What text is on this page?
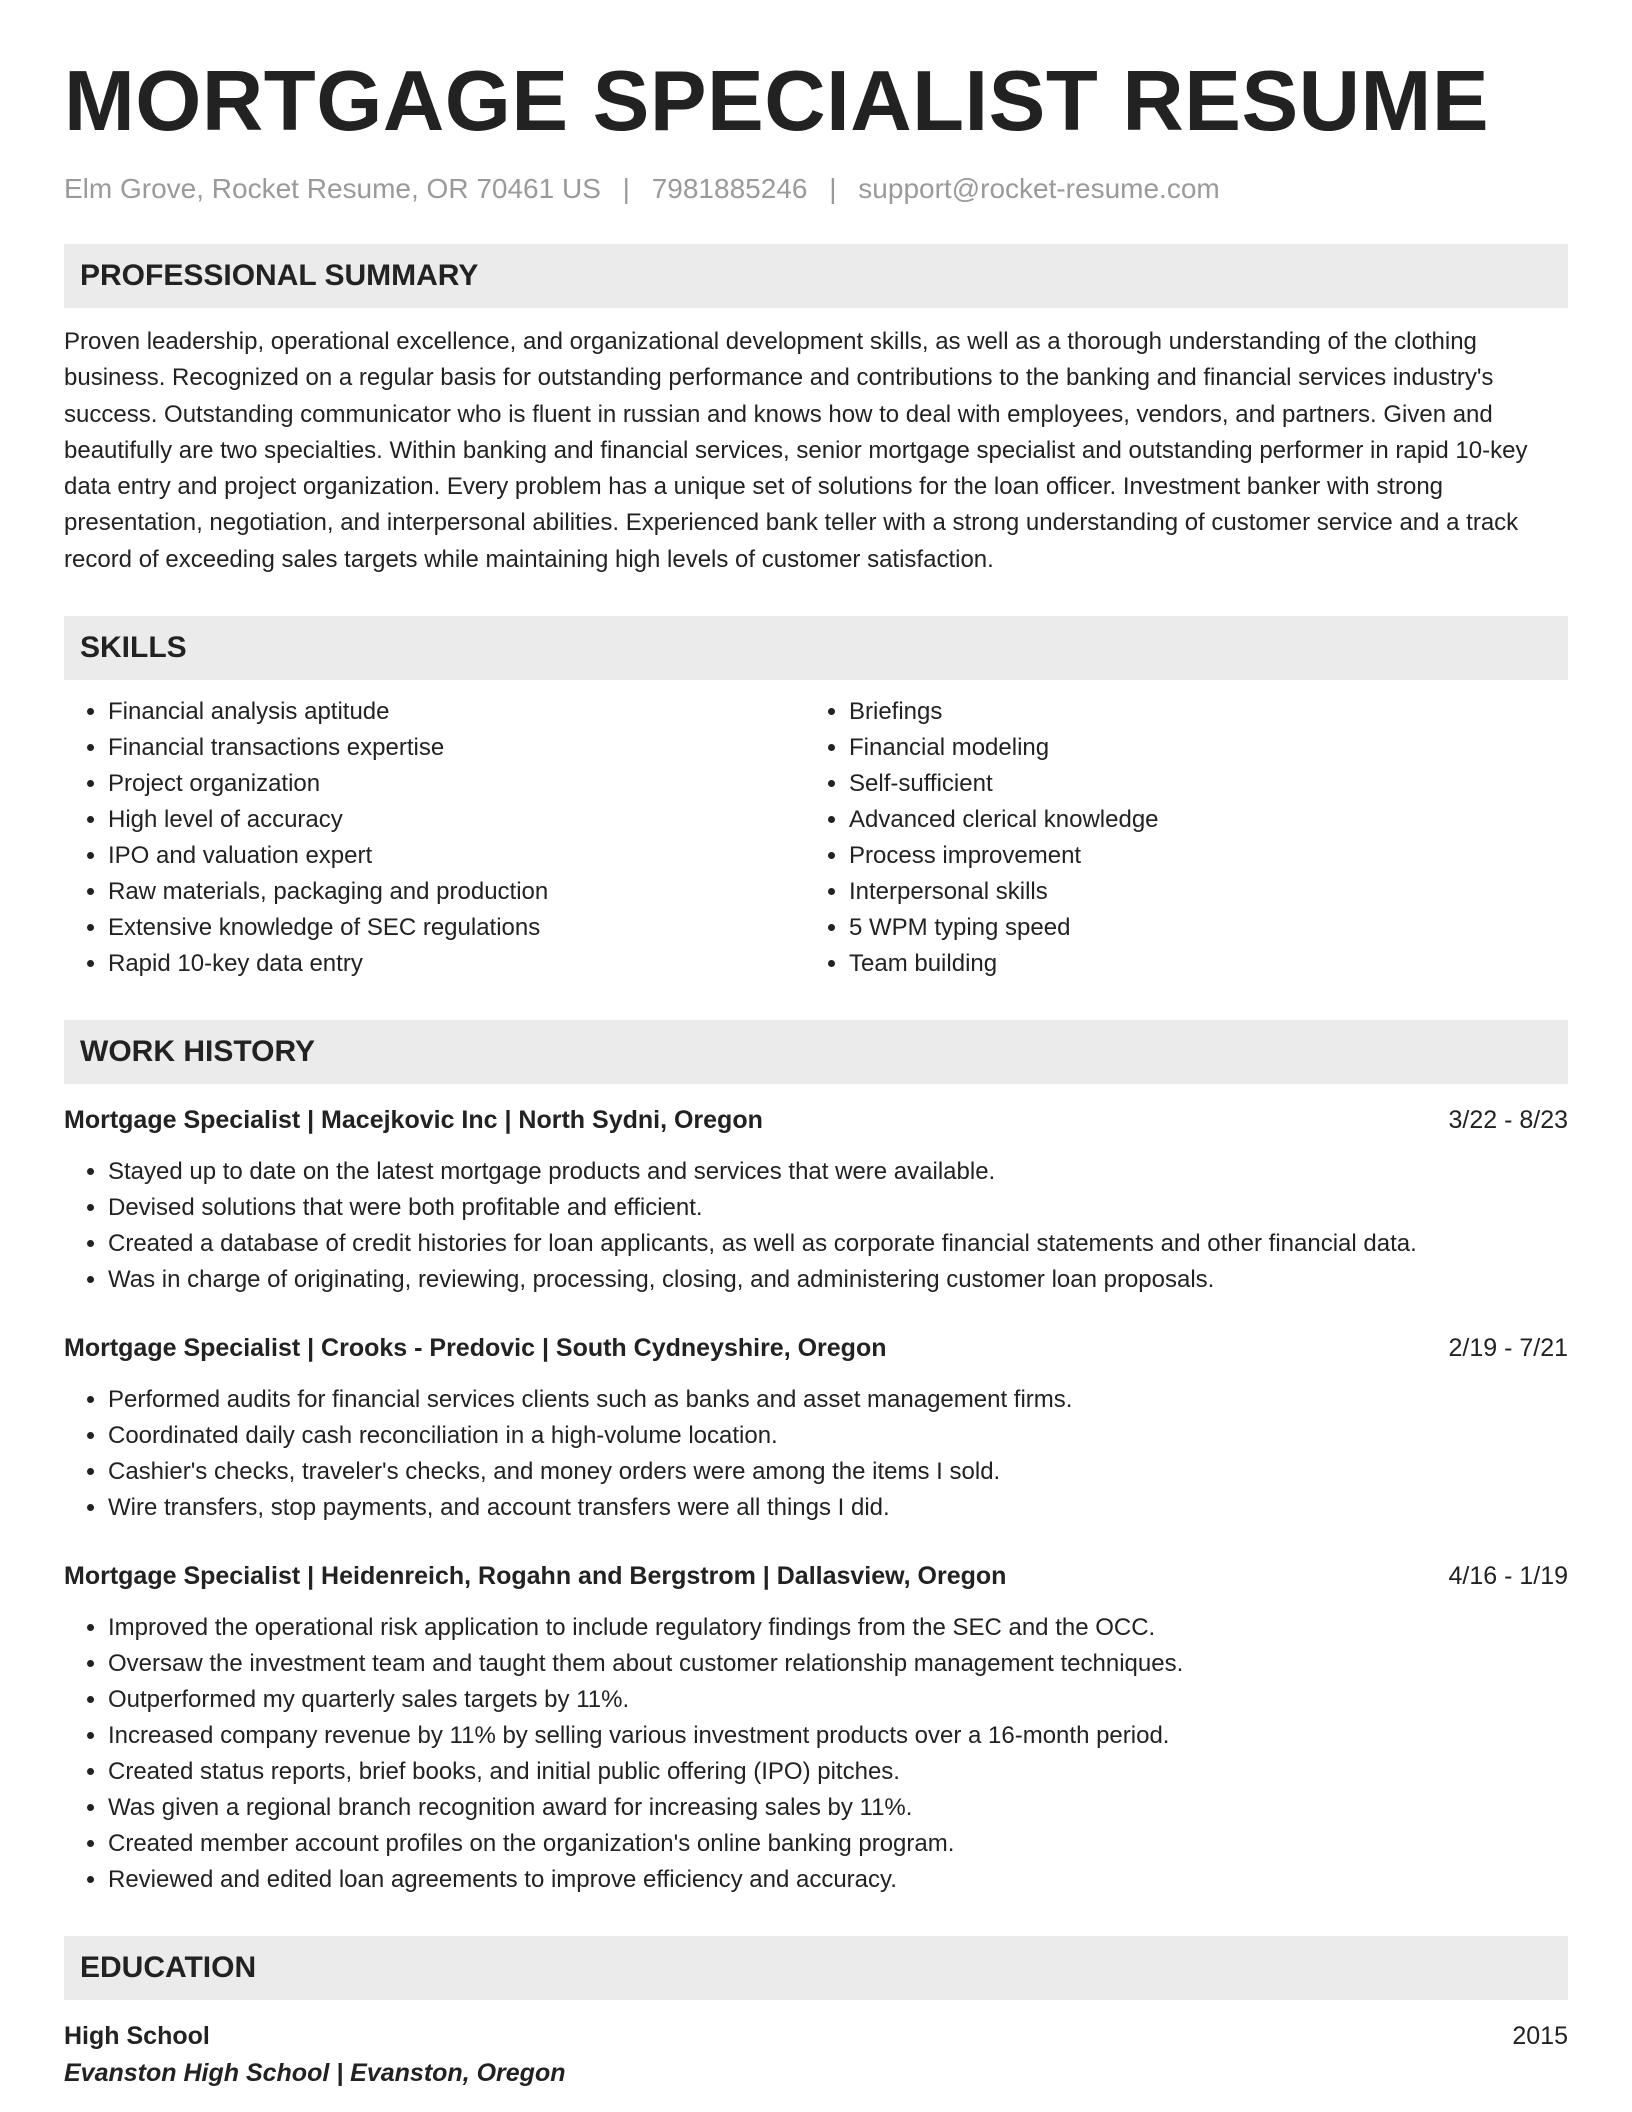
MORTGAGE SPECIALIST RESUME
Elm Grove, Rocket Resume, OR 70461 US | 7981885246 | support@rocket-resume.com
PROFESSIONAL SUMMARY
Proven leadership, operational excellence, and organizational development skills, as well as a thorough understanding of the clothing business. Recognized on a regular basis for outstanding performance and contributions to the banking and financial services industry's success. Outstanding communicator who is fluent in russian and knows how to deal with employees, vendors, and partners. Given and beautifully are two specialties. Within banking and financial services, senior mortgage specialist and outstanding performer in rapid 10-key data entry and project organization. Every problem has a unique set of solutions for the loan officer. Investment banker with strong presentation, negotiation, and interpersonal abilities. Experienced bank teller with a strong understanding of customer service and a track record of exceeding sales targets while maintaining high levels of customer satisfaction.
SKILLS
• Financial analysis aptitude
• Financial transactions expertise
• Project organization
• High level of accuracy
• IPO and valuation expert
• Raw materials, packaging and production
• Extensive knowledge of SEC regulations
• Rapid 10-key data entry
• Briefings
• Financial modeling
• Self-sufficient
• Advanced clerical knowledge
• Process improvement
• Interpersonal skills
• 5 WPM typing speed
• Team building
WORK HISTORY
Mortgage Specialist | Macejkovic Inc | North Sydni, Oregon	3/22 - 8/23
• Stayed up to date on the latest mortgage products and services that were available.
• Devised solutions that were both profitable and efficient.
• Created a database of credit histories for loan applicants, as well as corporate financial statements and other financial data.
• Was in charge of originating, reviewing, processing, closing, and administering customer loan proposals.
Mortgage Specialist | Crooks - Predovic | South Cydneyshire, Oregon	2/19 - 7/21
• Performed audits for financial services clients such as banks and asset management firms.
• Coordinated daily cash reconciliation in a high-volume location.
• Cashier's checks, traveler's checks, and money orders were among the items I sold.
• Wire transfers, stop payments, and account transfers were all things I did.
Mortgage Specialist | Heidenreich, Rogahn and Bergstrom | Dallasview, Oregon	4/16 - 1/19
• Improved the operational risk application to include regulatory findings from the SEC and the OCC.
• Oversaw the investment team and taught them about customer relationship management techniques.
• Outperformed my quarterly sales targets by 11%.
• Increased company revenue by 11% by selling various investment products over a 16-month period.
• Created status reports, brief books, and initial public offering (IPO) pitches.
• Was given a regional branch recognition award for increasing sales by 11%.
• Created member account profiles on the organization's online banking program.
• Reviewed and edited loan agreements to improve efficiency and accuracy.
EDUCATION
High School	2015
Evanston High School | Evanston, Oregon
